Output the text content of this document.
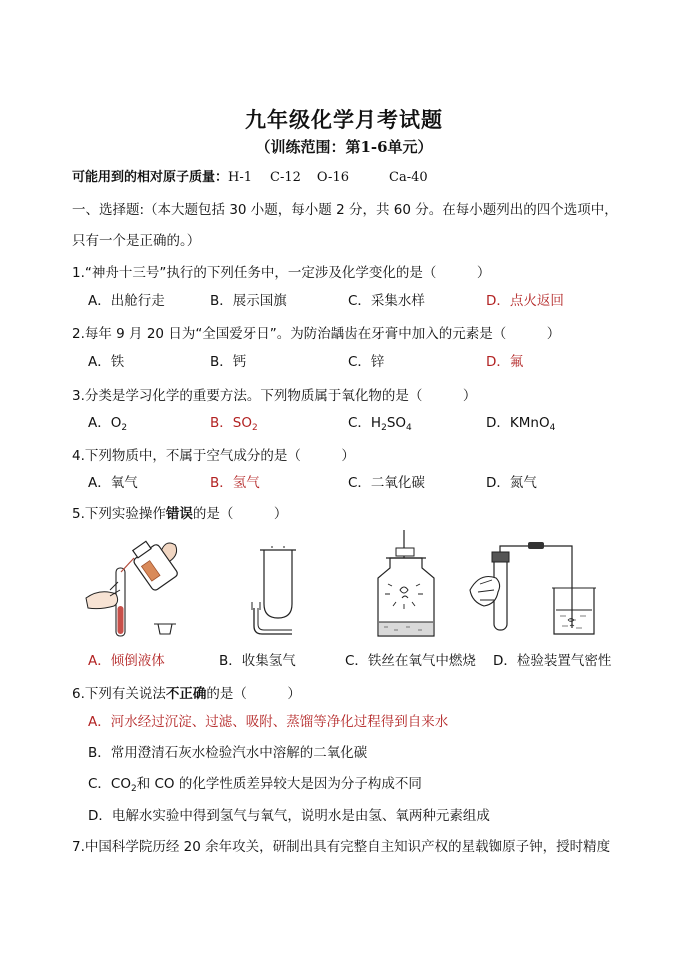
九年级化学月考试题
（训练范围：第1-6单元）
可能用到的相对原子质量：H-1 C-12 O-16	Ca-40
一、选择题:（本大题包括 30 小题，每小题 2 分，共 60 分。在每小题列出的四个选项中，
只有一个是正确的。）
1.“神舟十三号”执行的下列任务中，一定涉及化学变化的是（　　　）
A．出舱行走	B．展示国旗	C．采集水样	D．点火返回
2.每年 9 月 20 日为“全国爱牙日”。为防治龋齿在牙膏中加入的元素是（　　　）
A．铁	B．钙	C．锌	D．氟
3.分类是学习化学的重要方法。下列物质属于氧化物的是（　　　）
A．$O_2$	B．$SO_2$	C．$H_2SO_4$	D．KMnO$_4$
4.下列物质中，不属于空气成分的是（　　　）
A．氧气	B．氢气	C．二氧化碳	D．氮气
5.下列实验操作错误的是（　　　）
A．倾倒液体	B．收集氢气	C．铁丝在氧气中燃烧 D．检验装置气密性
6.下列有关说法不正确的是（　　　）
A．河水经过沉淀、过滤、吸附、蒸馏等净化过程得到自来水
B．常用澄清石灰水检验汽水中溶解的二氧化碳
C．$CO_2$和 CO 的化学性质差异较大是因为分子构成不同
D．电解水实验中得到氢气与氧气，说明水是由氢、氧两种元素组成
7.中国科学院历经 20 余年攻关，研制出具有完整自主知识产权的星载铷原子钟，授时精度
